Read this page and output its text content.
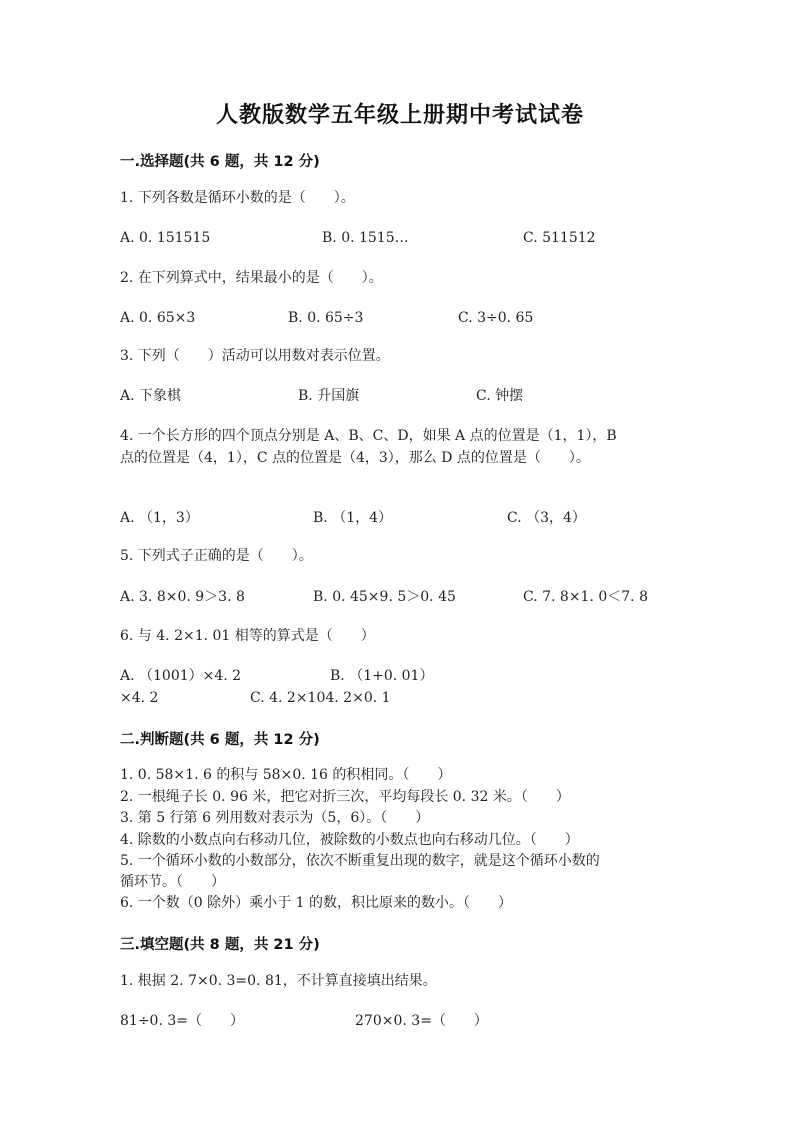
人教版数学五年级上册期中考试试卷
一.选择题(共 6 题，共 12 分)
1. 下列各数是循环小数的是（　　）。
A. 0. 151515	B. 0. 1515…	C. 511512
2. 在下列算式中，结果最小的是（　　）。
A. 0. 65×3	B. 0. 65÷3	C. 3÷0. 65
3. 下列（　　）活动可以用数对表示位置。
A. 下象棋	B. 升国旗	C. 钟摆
4. 一个长方形的四个顶点分别是 A、B、C、D，如果 A 点的位置是（1，1），B
点的位置是（4，1），C 点的位置是（4，3），那么 D 点的位置是（　　）。
A. （1，3）	B. （1，4）	C. （3，4）
5. 下列式子正确的是（　　）。
A. 3. 8×0. 9＞3. 8	B. 0. 45×9. 5＞0. 45	C. 7. 8×1. 0＜7. 8
6. 与 4. 2×1. 01 相等的算式是（　　）
A. （1001）×4. 2	B. （1+0. 01）
×4. 2	C. 4. 2×104. 2×0. 1
二.判断题(共 6 题，共 12 分)
1. 0. 58×1. 6 的积与 58×0. 16 的积相同。（　　）
2. 一根绳子长 0. 96 米，把它对折三次，平均每段长 0. 32 米。（　　）
3. 第 5 行第 6 列用数对表示为（5，6）。（　　）
4. 除数的小数点向右移动几位，被除数的小数点也向右移动几位。（　　）
5. 一个循环小数的小数部分，依次不断重复出现的数字，就是这个循环小数的
循环节。（　　）
6. 一个数（0 除外）乘小于 1 的数，积比原来的数小。（　　）
三.填空题(共 8 题，共 21 分)
1. 根据 2. 7×0. 3=0. 81，不计算直接填出结果。
81÷0. 3=（　　）	270×0. 3=（　　）
